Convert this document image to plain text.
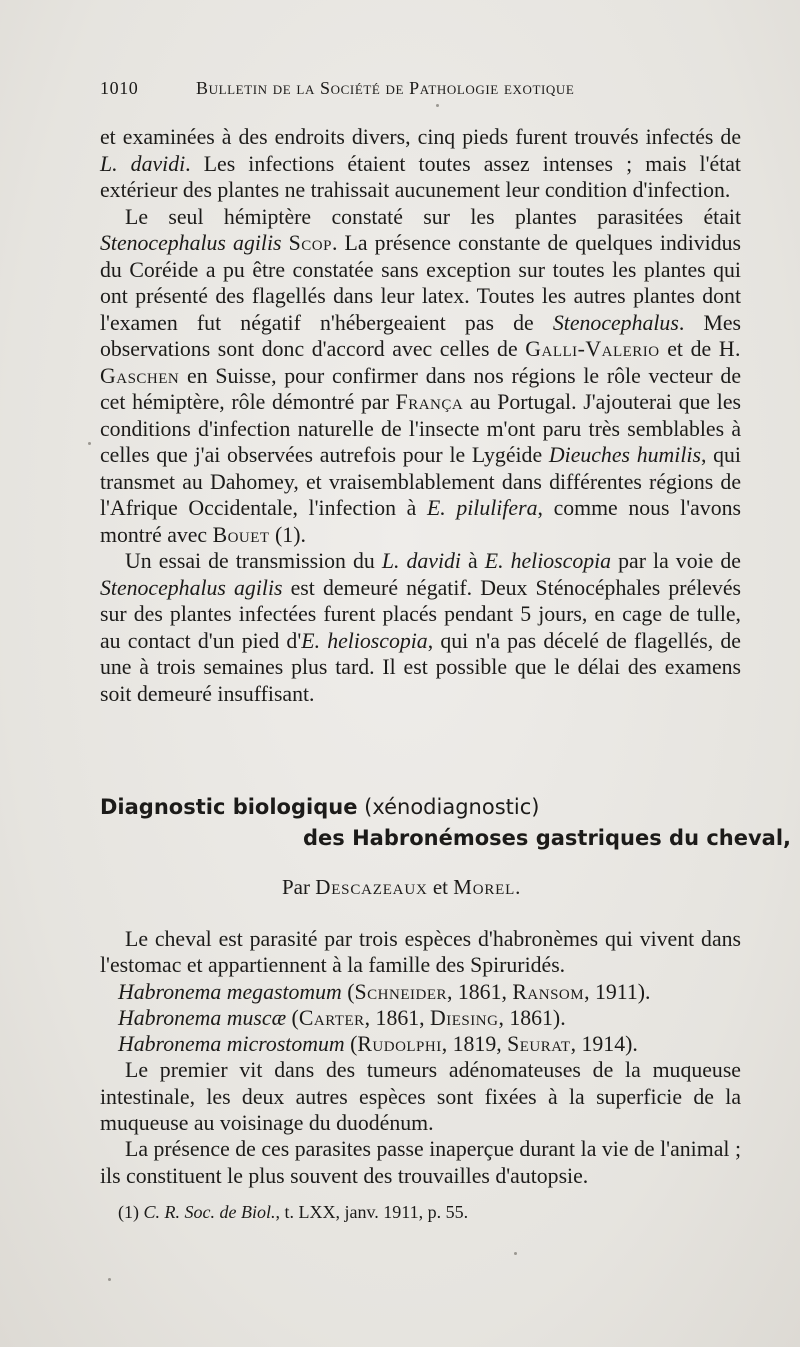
1010	Bulletin de la Société de Pathologie exotique

et examinées à des endroits divers, cinq pieds furent trouvés infectés de L. davidi. Les infections étaient toutes assez intenses ; mais l'état extérieur des plantes ne trahissait aucunement leur condition d'infection.

Le seul hémiptère constaté sur les plantes parasitées était Stenocephalus agilis Scop. La présence constante de quelques individus du Coréide a pu être constatée sans exception sur toutes les plantes qui ont présenté des flagellés dans leur latex. Toutes les autres plantes dont l'examen fut négatif n'hébergeaient pas de Stenocephalus. Mes observations sont donc d'accord avec celles de Galli-Valerio et de H. Gaschen en Suisse, pour confirmer dans nos régions le rôle vecteur de cet hémiptère, rôle démontré par França au Portugal. J'ajouterai que les conditions d'infection naturelle de l'insecte m'ont paru très semblables à celles que j'ai observées autrefois pour le Lygéide Dieuches humilis, qui transmet au Dahomey, et vraisemblablement dans différentes régions de l'Afrique Occidentale, l'infection à E. pilulifera, comme nous l'avons montré avec Bouet (1).

Un essai de transmission du L. davidi à E. helioscopia par la voie de Stenocephalus agilis est demeuré négatif. Deux Sténocéphales prélevés sur des plantes infectées furent placés pendant 5 jours, en cage de tulle, au contact d'un pied d'E. helioscopia, qui n'a pas décelé de flagellés, de une à trois semaines plus tard. Il est possible que le délai des examens soit demeuré insuffisant.

Diagnostic biologique (xénodiagnostic)
des Habronémoses gastriques du cheval,
Par Descazeaux et Morel.

Le cheval est parasité par trois espèces d'habronèmes qui vivent dans l'estomac et appartiennent à la famille des Spiruridés.

Habronema megastomum (Schneider, 1861, Ransom, 1911).

Habronema muscæ (Carter, 1861, Diesing, 1861).

Habronema microstomum (Rudolphi, 1819, Seurat, 1914).

Le premier vit dans des tumeurs adénomateuses de la muqueuse intestinale, les deux autres espèces sont fixées à la superficie de la muqueuse au voisinage du duodénum.

La présence de ces parasites passe inaperçue durant la vie de l'animal ; ils constituent le plus souvent des trouvailles d'autopsie.

(1) C. R. Soc. de Biol., t. LXX, janv. 1911, p. 55.
